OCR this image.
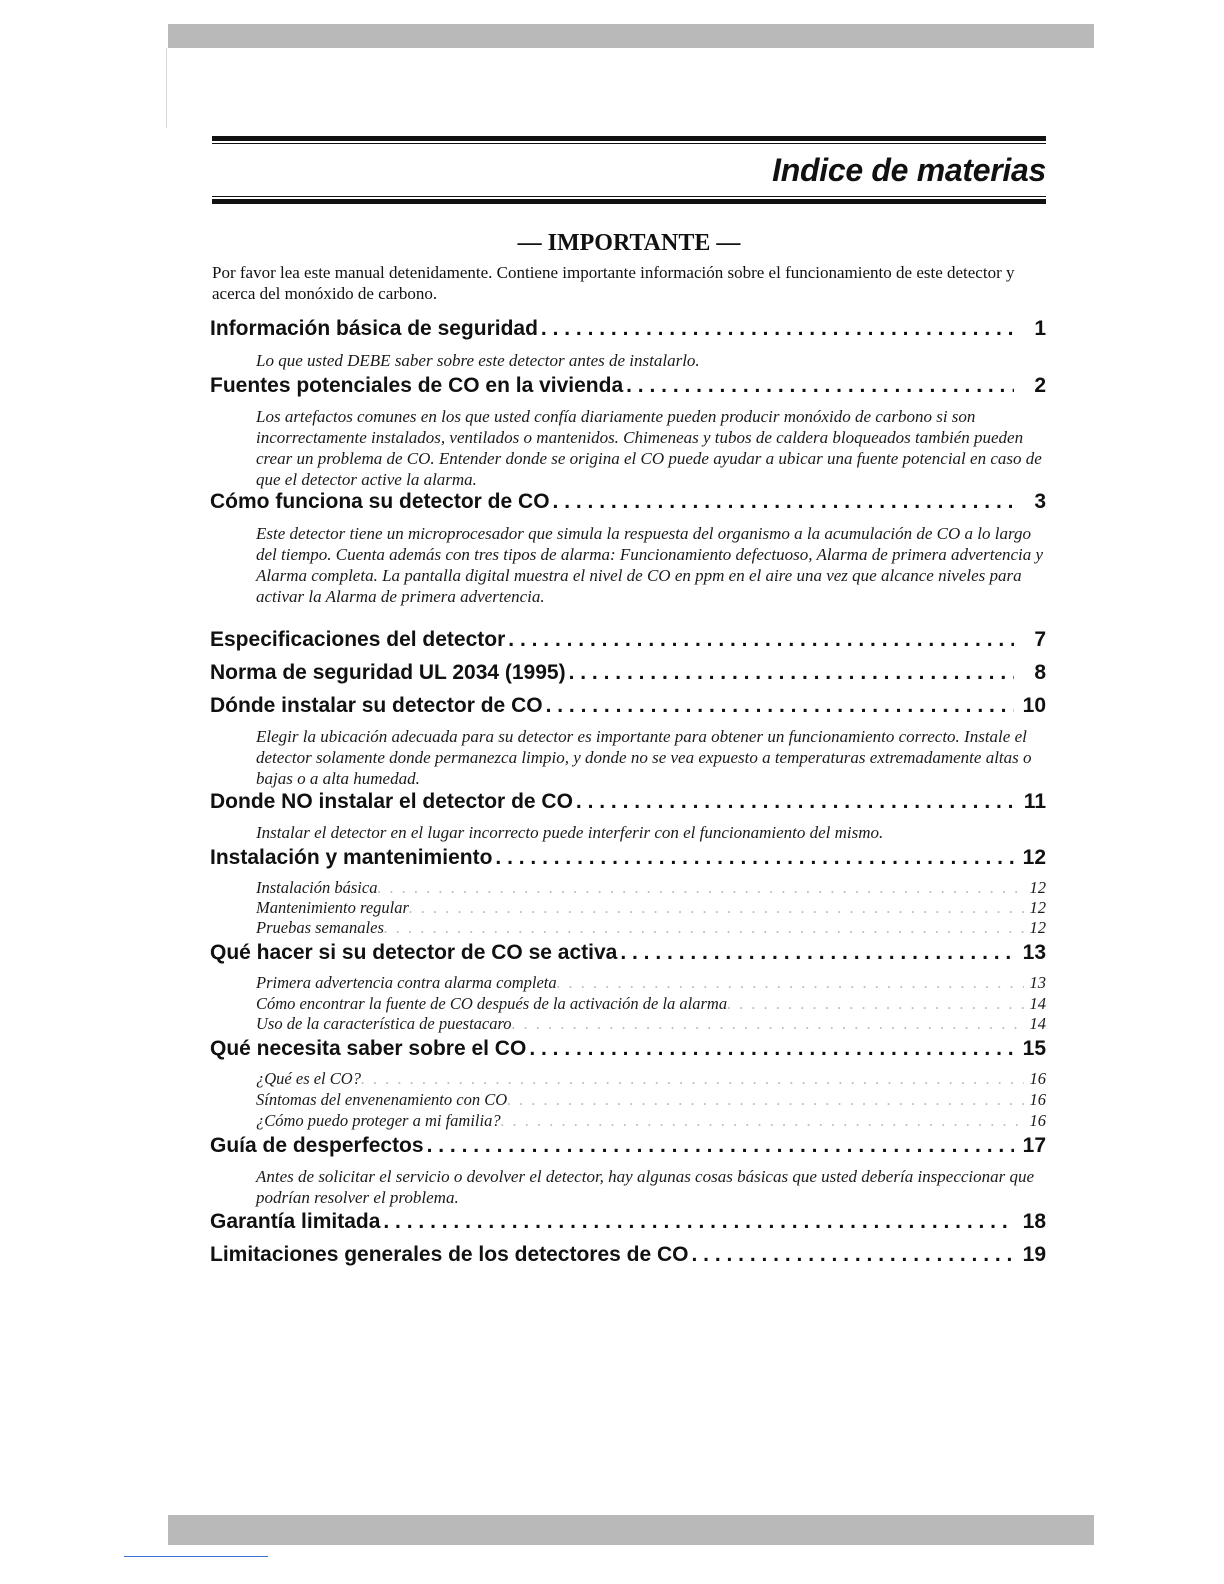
Indice de materias
— IMPORTANTE —
Por favor lea este manual detenidamente. Contiene importante información sobre el funcionamiento de este detector y acerca del monóxido de carbono.
Información básica de seguridad . . .	1
Lo que usted DEBE saber sobre este detector antes de instalarlo.
Fuentes potenciales de CO en la vivienda . . .	2
Los artefactos comunes en los que usted confía diariamente pueden producir monóxido de carbono si son incorrectamente instalados, ventilados o mantenidos. Chimeneas y tubos de caldera bloqueados también pueden crear un problema de CO. Entender donde se origina el CO puede ayudar a ubicar una fuente potencial en caso de que el detector active la alarma.
Cómo funciona su detector de CO . . .	3
Este detector tiene un microprocesador que simula la respuesta del organismo a la acumulación de CO a lo largo del tiempo. Cuenta además con tres tipos de alarma: Funcionamiento defectuoso, Alarma de primera advertencia y Alarma completa. La pantalla digital muestra el nivel de CO en ppm en el aire una vez que alcance niveles para activar la Alarma de primera advertencia.
Especificaciones del detector . . .	7
Norma de seguridad UL 2034 (1995) . . .	8
Dónde instalar su detector de CO . . .	10
Elegir la ubicación adecuada para su detector es importante para obtener un funcionamiento correcto. Instale el detector solamente donde permanezca limpio, y donde no se vea expuesto a temperaturas extremadamente altas o bajas o a alta humedad.
Donde NO instalar el detector de CO . . .	11
Instalar el detector en el lugar incorrecto puede interferir con el funcionamiento del mismo.
Instalación y mantenimiento . . .	12
Instalación básica . . .	12
Mantenimiento regular . . .	12
Pruebas semanales . . .	12
Qué hacer si su detector de CO se activa . . .	13
Primera advertencia contra alarma completa . . .	13
Cómo encontrar la fuente de CO después de la activación de la alarma . . .	14
Uso de la característica de puestacaro . . .	14
Qué necesita saber sobre el CO . . .	15
¿Qué es el CO? . . .	16
Síntomas del envenenamiento con CO . . .	16
¿Cómo puedo proteger a mi familia? . . .	16
Guía de desperfectos . . .	17
Antes de solicitar el servicio o devolver el detector, hay algunas cosas básicas que usted debería inspeccionar que podrían resolver el problema.
Garantía limitada . . .	18
Limitaciones generales de los detectores de CO . . .	19
